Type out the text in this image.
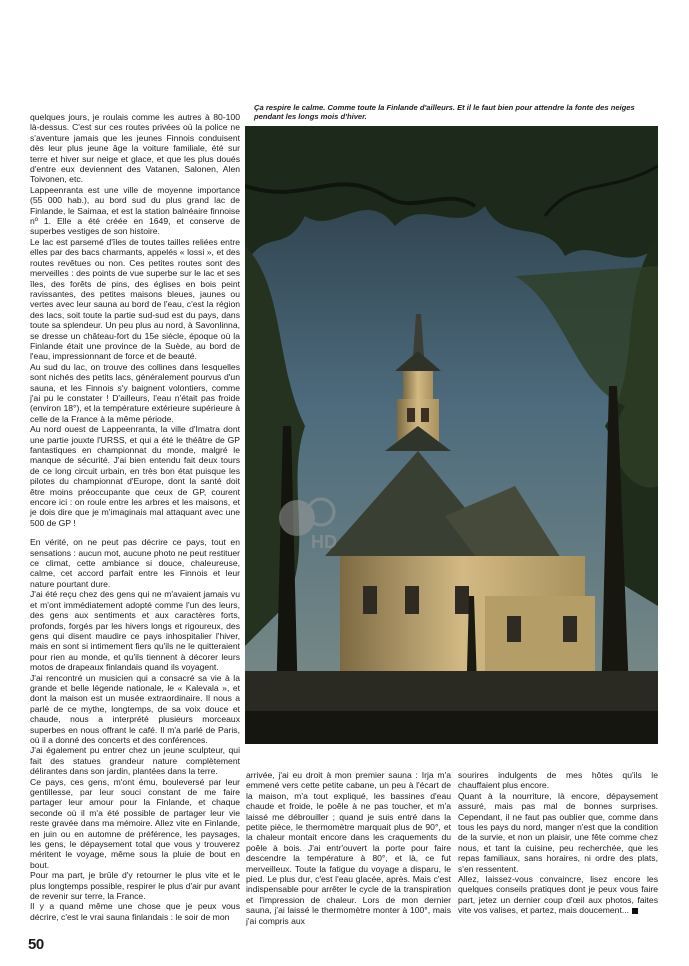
quelques jours, je roulais comme les autres à 80-100 là-dessus. C'est sur ces routes privées où la police ne s'aventure jamais que les jeunes Finnois conduisent dès leur plus jeune âge la voiture familiale, été sur terre et hiver sur neige et glace, et que les plus doués d'entre eux deviennent des Vatanen, Salonen, Alen Toivonen, etc.

Lappeenranta est une ville de moyenne importance (55 000 hab.), au bord sud du plus grand lac de Finlande, le Saimaa, et est la station balnéaire finnoise nº 1. Elle a été créée en 1649, et conserve de superbes vestiges de son histoire.

Le lac est parsemé d'îles de toutes tailles reliées entre elles par des bacs charmants, appelés « lossi », et des routes revêtues ou non. Ces petites routes sont des merveilles : des points de vue superbe sur le lac et ses îles, des forêts de pins, des églises en bois peint ravissantes, des petites maisons bleues, jaunes ou vertes avec leur sauna au bord de l'eau, c'est la région des lacs, soit toute la partie sud-sud est du pays, dans toute sa splendeur. Un peu plus au nord, à Savonlinna, se dresse un château-fort du 15e siècle, époque où la Finlande était une province de la Suède, au bord de l'eau, impressionnant de force et de beauté.

Au sud du lac, on trouve des collines dans lesquelles sont nichés des petits lacs, généralement pourvus d'un sauna, et les Finnois s'y baignent volontiers, comme j'ai pu le constater ! D'ailleurs, l'eau n'était pas froide (environ 18°), et la température extérieure supérieure à celle de la France à la même période.

Au nord ouest de Lappeenranta, la ville d'Imatra dont une partie jouxte l'URSS, et qui a été le théâtre de GP fantastiques en championnat du monde, malgré le manque de sécurité. J'ai bien entendu fait deux tours de ce long circuit urbain, en très bon état puisque les pilotes du championnat d'Europe, dont la santé doit être moins préoccupante que ceux de GP, courent encore ici : on roule entre les arbres et les maisons, et je dois dire que je m'imaginais mal attaquant avec une 500 de GP !

En vérité, on ne peut pas décrire ce pays, tout en sensations : aucun mot, aucune photo ne peut restituer ce climat, cette ambiance si douce, chaleureuse, calme, cet accord parfait entre les Finnois et leur nature pourtant dure.

J'ai été reçu chez des gens qui ne m'avaient jamais vu et m'ont immédiatement adopté comme l'un des leurs, des gens aux sentiments et aux caractères forts, profonds, forgés par les hivers longs et rigoureux, des gens qui disent maudire ce pays inhospitalier l'hiver, mais en sont si intimement fiers qu'ils ne le quitteraient pour rien au monde, et qu'ils tiennent à décorer leurs motos de drapeaux finlandais quand ils voyagent.

J'ai rencontré un musicien qui a consacré sa vie à la grande et belle légende nationale, le « Kalevala », et dont la maison est un musée extraordinaire. Il nous a parlé de ce mythe, longtemps, de sa voix douce et chaude, nous a interprété plusieurs morceaux superbes en nous offrant le café. Il m'a parlé de Paris, où il a donné des concerts et des conférences.

J'ai également pu entrer chez un jeune sculpteur, qui fait des statues grandeur nature complètement délirantes dans son jardin, plantées dans la terre.

Ce pays, ces gens, m'ont ému, bouleversé par leur gentillesse, par leur souci constant de me faire partager leur amour pour la Finlande, et chaque seconde où il m'a été possible de partager leur vie reste gravée dans ma mémoire. Allez vite en Finlande, en juin ou en automne de préférence, les paysages, les gens, le dépaysement total que vous y trouverez méritent le voyage, même sous la pluie de bout en bout.

Pour ma part, je brûle d'y retourner le plus vite et le plus longtemps possible, respirer le plus d'air pur avant de revenir sur terre, la France.

Il y a quand même une chose que je peux vous décrire, c'est le vrai sauna finlandais : le soir de mon

Ça respire le calme. Comme toute la Finlande d'ailleurs. Et il le faut bien pour attendre la fonte des neiges pendant les longs mois d'hiver.
HD

arrivée, j'ai eu droit à mon premier sauna : Irja m'a emmené vers cette petite cabane, un peu à l'écart de la maison, m'a tout expliqué, les bassines d'eau chaude et froide, le poêle à ne pas toucher, et m'a laissé me débrouiller ; quand je suis entré dans la petite pièce, le thermomètre marquait plus de 90°, et la chaleur montait encore dans les craquements du poêle à bois. J'ai entr'ouvert la porte pour faire descendre la température à 80°, et là, ce fut merveilleux. Toute la fatigue du voyage a disparu, le pied. Le plus dur, c'est l'eau glacée, après. Mais c'est indispensable pour arrêter le cycle de la transpiration et l'impression de chaleur. Lors de mon dernier sauna, j'ai laissé le thermomètre monter à 100°, mais j'ai compris aux

sourires indulgents de mes hôtes qu'ils le chauffaient plus encore.

Quant à la nourriture, là encore, dépaysement assuré, mais pas mal de bonnes surprises. Cependant, il ne faut pas oublier que, comme dans tous les pays du nord, manger n'est que la condition de la survie, et non un plaisir, une fête comme chez nous, et tant la cuisine, peu recherchée, que les repas familiaux, sans horaires, ni ordre des plats, s'en ressentent.

Allez, laissez-vous convaincre, lisez encore les quelques conseils pratiques dont je peux vous faire part, jetez un dernier coup d'œil aux photos, faites vite vos valises, et partez, mais doucement...

50
